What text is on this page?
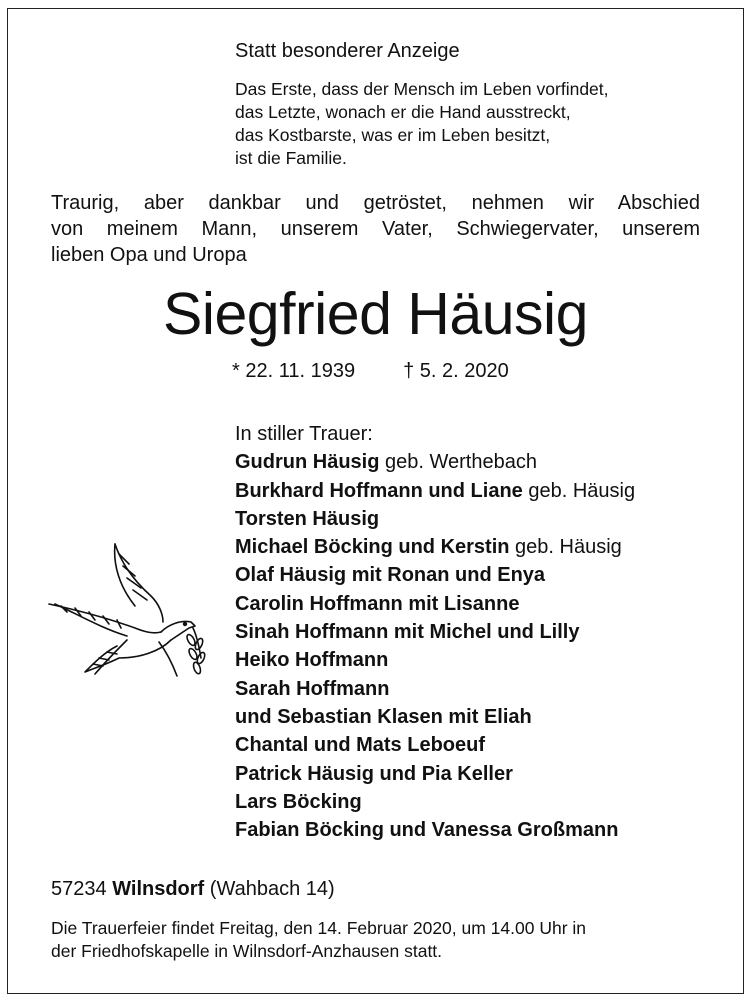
Statt besonderer Anzeige
Das Erste, dass der Mensch im Leben vorfindet,
das Letzte, wonach er die Hand ausstreckt,
das Kostbarste, was er im Leben besitzt,
ist die Familie.
Traurig, aber dankbar und getröstet, nehmen wir Abschied
von meinem Mann, unserem Vater, Schwiegervater, unserem
lieben Opa und Uropa
Siegfried Häusig
* 22. 11. 1939 † 5. 2. 2020
In stiller Trauer:
Gudrun Häusig geb. Werthebach
Burkhard Hoffmann und Liane geb. Häusig
Torsten Häusig
Michael Böcking und Kerstin geb. Häusig
Olaf Häusig mit Ronan und Enya
Carolin Hoffmann mit Lisanne
Sinah Hoffmann mit Michel und Lilly
Heiko Hoffmann
Sarah Hoffmann
und Sebastian Klasen mit Eliah
Chantal und Mats Leboeuf
Patrick Häusig und Pia Keller
Lars Böcking
Fabian Böcking und Vanessa Großmann
57234 Wilnsdorf (Wahbach 14)
Die Trauerfeier findet Freitag, den 14. Februar 2020, um 14.00 Uhr in
der Friedhofskapelle in Wilnsdorf-Anzhausen statt.
